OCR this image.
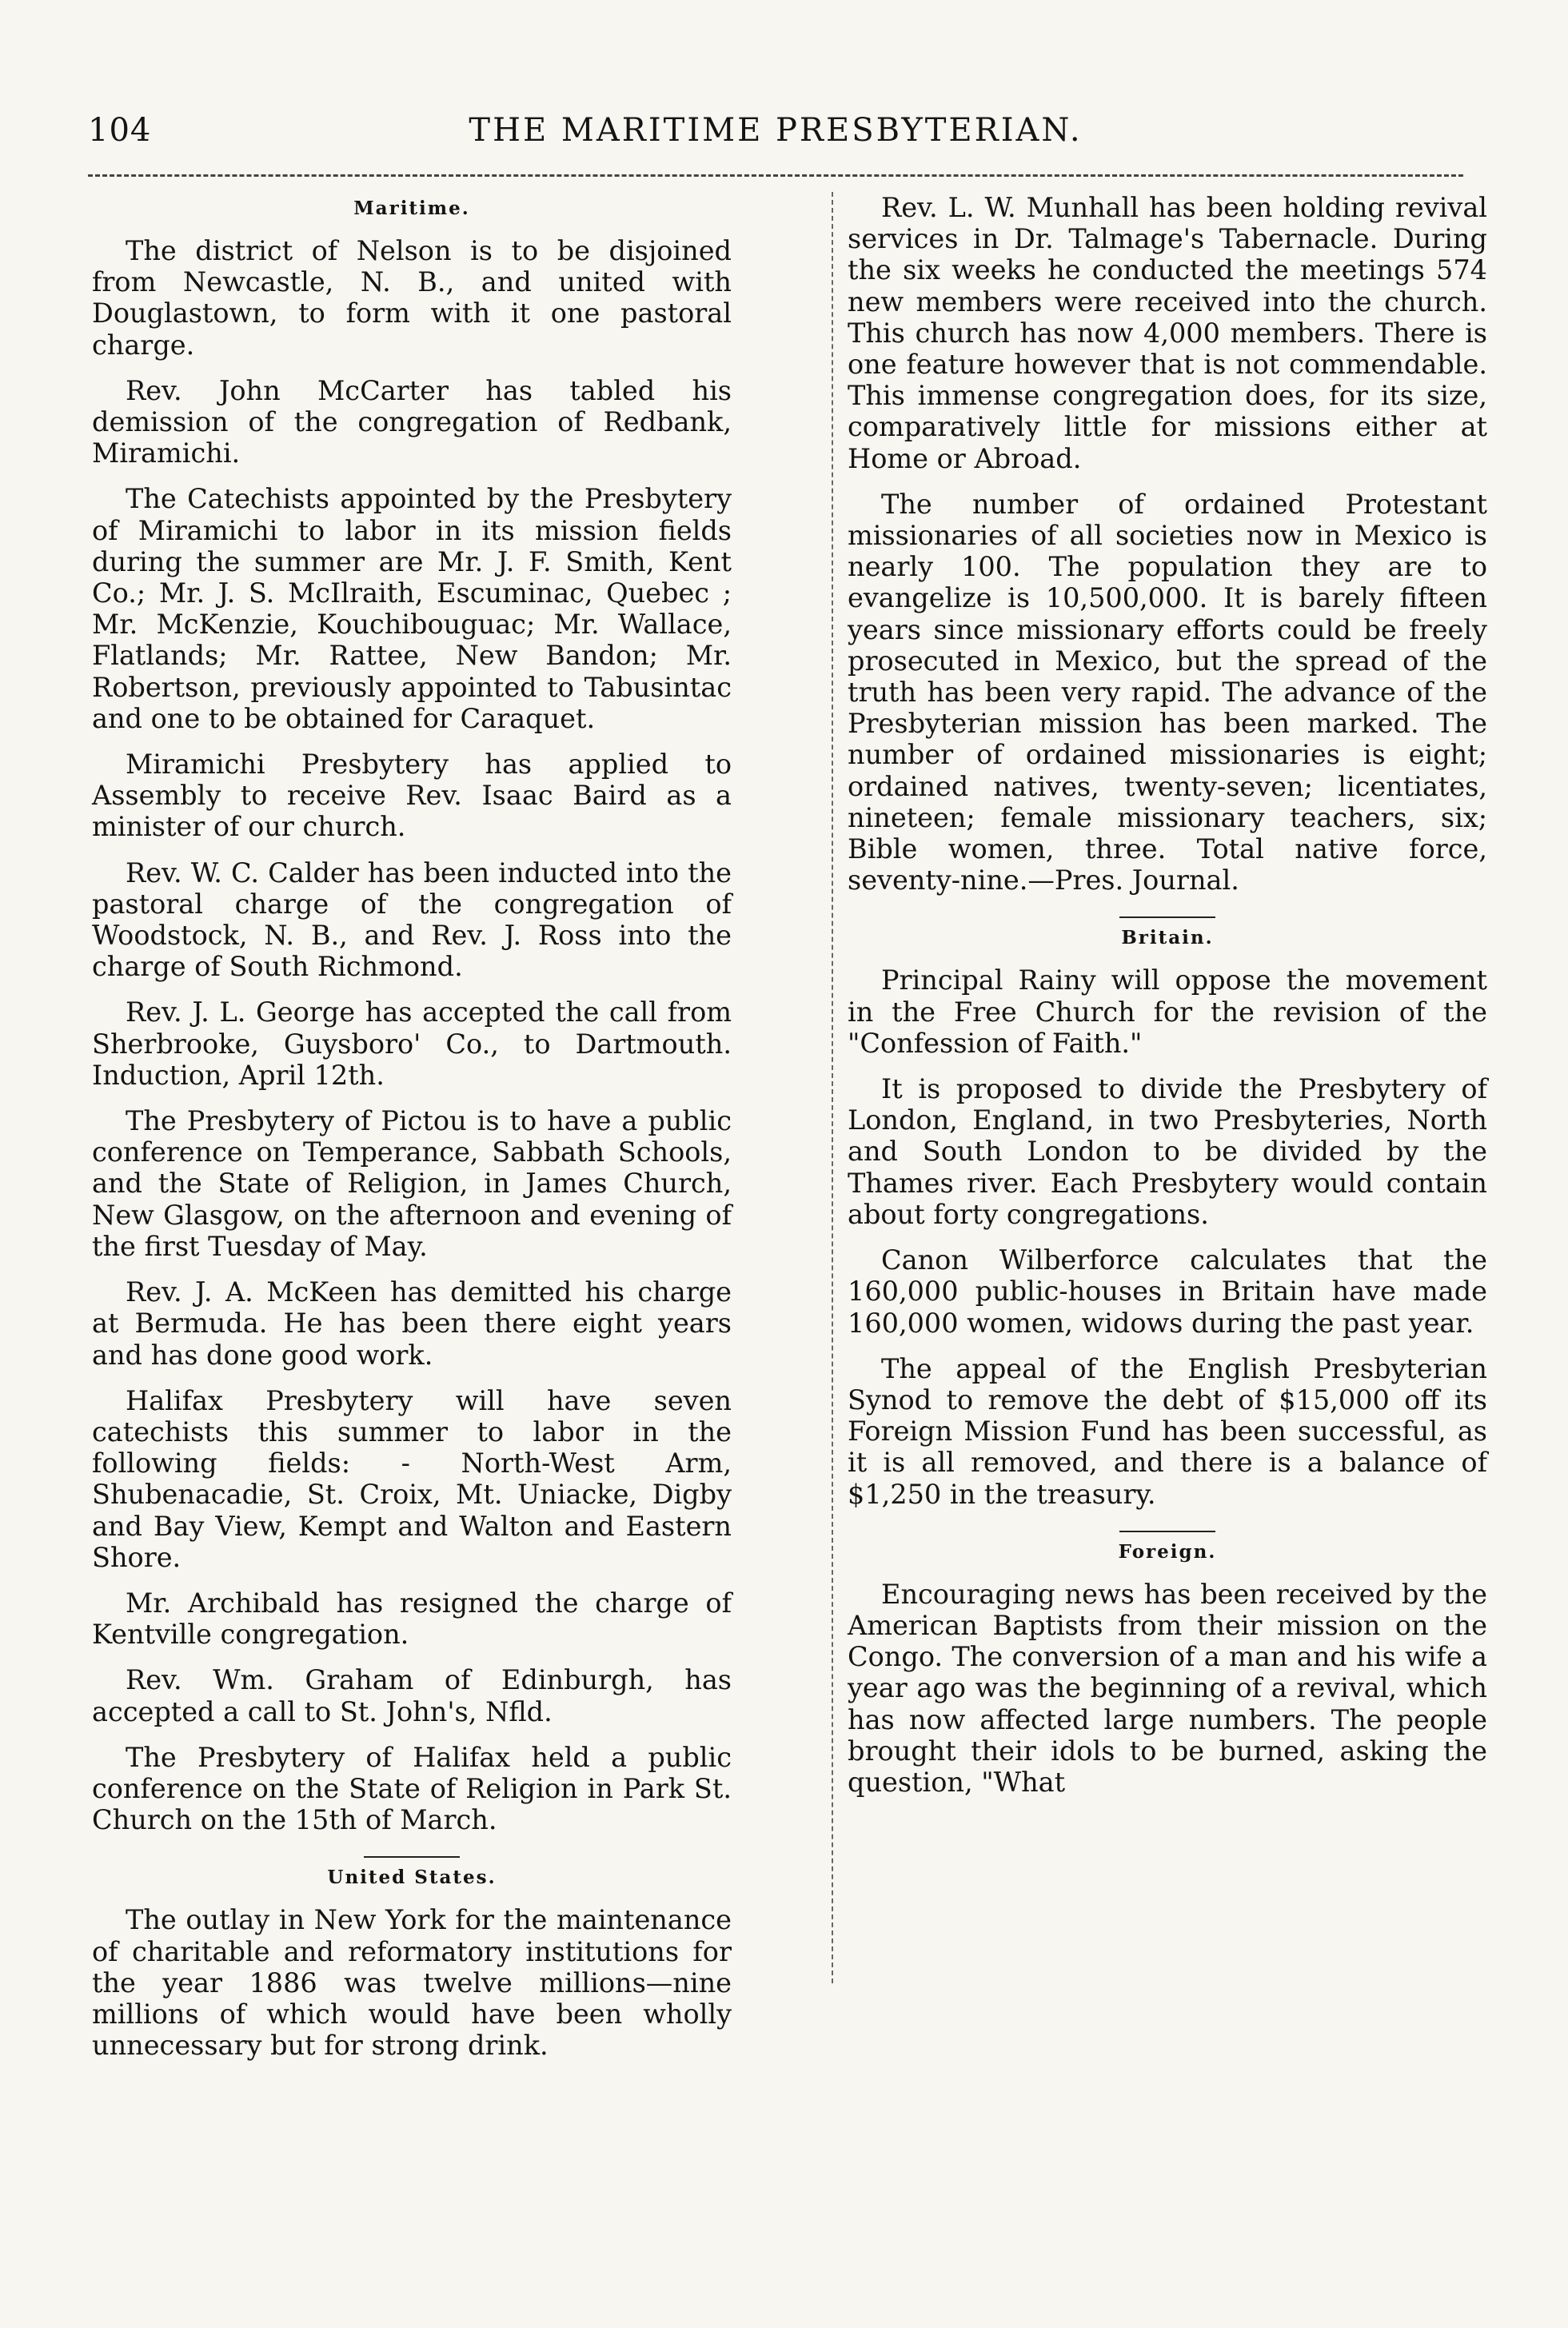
104	THE MARITIME PRESBYTERIAN.
Maritime.

The district of Nelson is to be disjoined from Newcastle, N. B., and united with Douglastown, to form with it one pastoral charge.

Rev. John McCarter has tabled his demission of the congregation of Redbank, Miramichi.

The Catechists appointed by the Presbytery of Miramichi to labor in its mission fields during the summer are Mr. J. F. Smith, Kent Co.; Mr. J. S. McIlraith, Escuminac, Quebec ; Mr. McKenzie, Kouchibouguac; Mr. Wallace, Flatlands; Mr. Rattee, New Bandon; Mr. Robertson, previously appointed to Tabusintac and one to be obtained for Caraquet.

Miramichi Presbytery has applied to Assembly to receive Rev. Isaac Baird as a minister of our church.

Rev. W. C. Calder has been inducted into the pastoral charge of the congregation of Woodstock, N. B., and Rev. J. Ross into the charge of South Richmond.

Rev. J. L. George has accepted the call from Sherbrooke, Guysboro' Co., to Dartmouth. Induction, April 12th.

The Presbytery of Pictou is to have a public conference on Temperance, Sabbath Schools, and the State of Religion, in James Church, New Glasgow, on the afternoon and evening of the first Tuesday of May.

Rev. J. A. McKeen has demitted his charge at Bermuda. He has been there eight years and has done good work.

Halifax Presbytery will have seven catechists this summer to labor in the following fields: - North-West Arm, Shubenacadie, St. Croix, Mt. Uniacke, Digby and Bay View, Kempt and Walton and Eastern Shore.

Mr. Archibald has resigned the charge of Kentville congregation.

Rev. Wm. Graham of Edinburgh, has accepted a call to St. John's, Nfld.

The Presbytery of Halifax held a public conference on the State of Religion in Park St. Church on the 15th of March.

United States.

The outlay in New York for the maintenance of charitable and reformatory institutions for the year 1886 was twelve millions—nine millions of which would have been wholly unnecessary but for strong drink.

Rev. L. W. Munhall has been holding revival services in Dr. Talmage's Tabernacle. During the six weeks he conducted the meetings 574 new members were received into the church. This church has now 4,000 members. There is one feature however that is not commendable. This immense congregation does, for its size, comparatively little for missions either at Home or Abroad.

The number of ordained Protestant missionaries of all societies now in Mexico is nearly 100. The population they are to evangelize is 10,500,000. It is barely fifteen years since missionary efforts could be freely prosecuted in Mexico, but the spread of the truth has been very rapid. The advance of the Presbyterian mission has been marked. The number of ordained missionaries is eight; ordained natives, twenty-seven; licentiates, nineteen; female missionary teachers, six; Bible women, three. Total native force, seventy-nine.—Pres. Journal.

Britain.

Principal Rainy will oppose the movement in the Free Church for the revision of the "Confession of Faith."

It is proposed to divide the Presbytery of London, England, in two Presbyteries, North and South London to be divided by the Thames river. Each Presbytery would contain about forty congregations.

Canon Wilberforce calculates that the 160,000 public-houses in Britain have made 160,000 women, widows during the past year.

The appeal of the English Presbyterian Synod to remove the debt of $15,000 off its Foreign Mission Fund has been successful, as it is all removed, and there is a balance of $1,250 in the treasury.

Foreign.

Encouraging news has been received by the American Baptists from their mission on the Congo. The conversion of a man and his wife a year ago was the beginning of a revival, which has now affected large numbers. The people brought their idols to be burned, asking the question, "What
